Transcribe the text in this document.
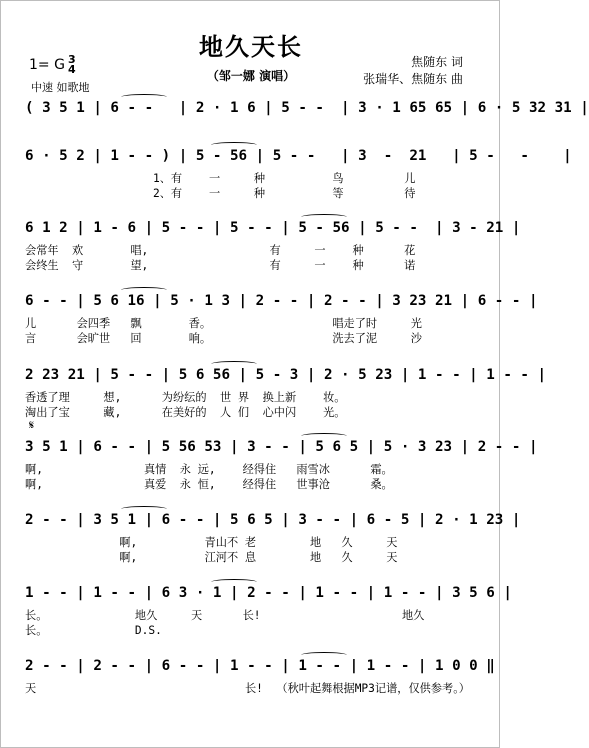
地久天长
（邹一娜 演唱）
1= G 3
4
中速 如歌地
焦随东 词
张瑞华、焦随东 曲
𝄋
( 3 5 1 | 6 - -   | 2 · 1 6 | 5 - -  | 3 · 1 65 65 | 6 · 5 32 31 |
6 · 5 2 | 1 - - ) | 5 - 56 | 5 - -   | 3  -  21   | 5 -   -    |
1、有    一     种          鸟         儿
2、有    一     种          等         待
6 1 2 | 1 - 6 | 5 - - | 5 - - | 5 - 56 | 5 - -  | 3 - 21 |
会常年  欢       唱,                  有     一    种      花
会终生  守       望,                  有     一    种      诺
6 - - | 5 6 16 | 5 · 1 3 | 2 - - | 2 - - | 3 23 21 | 6 - - |
儿      会四季   飘       香。                  唱走了时     光
言      会旷世   回       响。                  洗去了泥     沙
2 23 21 | 5 - - | 5 6 56 | 5 - 3 | 2 · 5 23 | 1 - - | 1 - - |
香透了理     想,      为纷纭的  世 界  换上新    妆。
淘出了宝     藏,      在美好的  人 们  心中闪    光。
3 5 1 | 6 - - | 5 56 53 | 3 - - | 5 6 5 | 5 · 3 23 | 2 - - |
啊,               真情  永 远,    经得住   雨雪冰      霜。
啊,               真爱  永 恒,    经得住   世事沧      桑。
2 - - | 3 5 1 | 6 - - | 5 6 5 | 3 - - | 6 - 5 | 2 · 1 23 |
啊,          青山不 老        地   久     天
啊,          江河不 息        地   久     天
1 - - | 1 - - | 6 3 · 1 | 2 - - | 1 - - | 1 - - | 3 5 6 |
长。             地久     天      长!                     地久
长。             D.S.
2 - - | 2 - - | 6 - - | 1 - - | 1 - - | 1 - - | 1 0 0 ‖
天                               长!  （秋叶起舞根据MP3记谱，仅供参考。）
